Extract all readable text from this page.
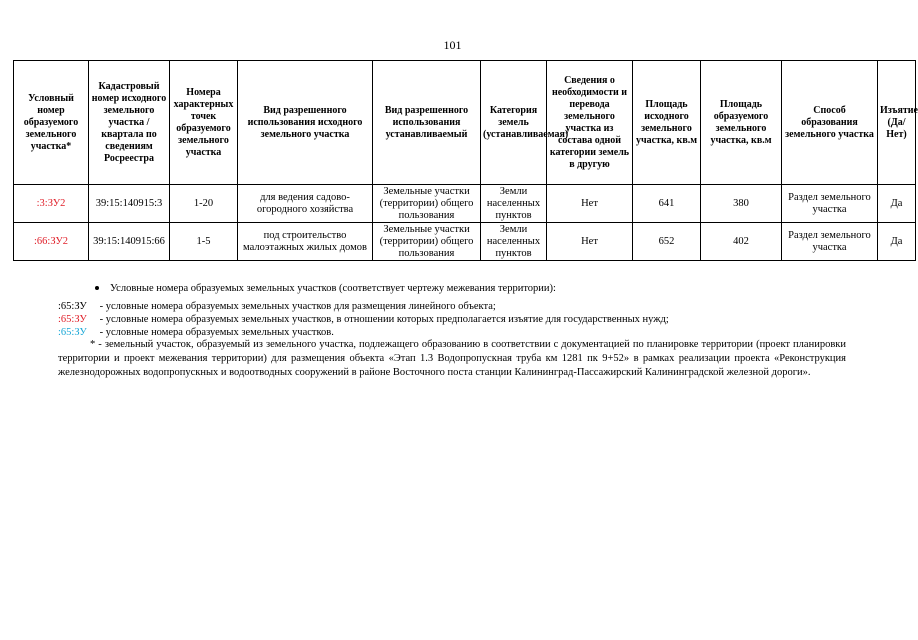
101
Условный номер образуемого земельного участка*	Кадастровый номер исходного земельного участка / квартала по сведениям Росреестра	Номера характерных точек образуемого земельного участка	Вид разрешенного использования исходного земельного участка	Вид разрешенного использования устанавливаемый	Категория земель (устанавливаемая)	Сведения о необходимости и перевода земельного участка из состава одной категории земель в другую	Площадь исходного земельного участка, кв.м	Площадь образуемого земельного участка, кв.м	Способ образования земельного участка	Изъятие (Да/Нет)
:3:ЗУ2	39:15:140915:3	1-20	для ведения садово-огородного хозяйства	Земельные участки (территории) общего пользования	Земли населенных пунктов	Нет	641	380	Раздел земельного участка	Да
:66:ЗУ2	39:15:140915:66	1-5	под строительство малоэтажных жилых домов	Земельные участки (территории) общего пользования	Земли населенных пунктов	Нет	652	402	Раздел земельного участка	Да
Условные номера образуемых земельных участков (соответствует чертежу межевания территории):
:65:ЗУ - условные номера образуемых земельных участков для размещения линейного объекта;
:65:ЗУ - условные номера образуемых земельных участков, в отношении которых предполагается изъятие для государственных нужд;
:65:ЗУ - условные номера образуемых земельных участков.
* - земельный участок, образуемый из земельного участка, подлежащего образованию в соответствии с документацией по планировке территории (проект планировки территории и проект межевания территории) для размещения объекта «Этап 1.3 Водопропускная труба км 1281 пк 9+52» в рамках реализации проекта «Реконструкция железнодорожных водопропускных и водоотводных сооружений в районе Восточного поста станции Калининград-Пассажирский Калининградской железной дороги».
